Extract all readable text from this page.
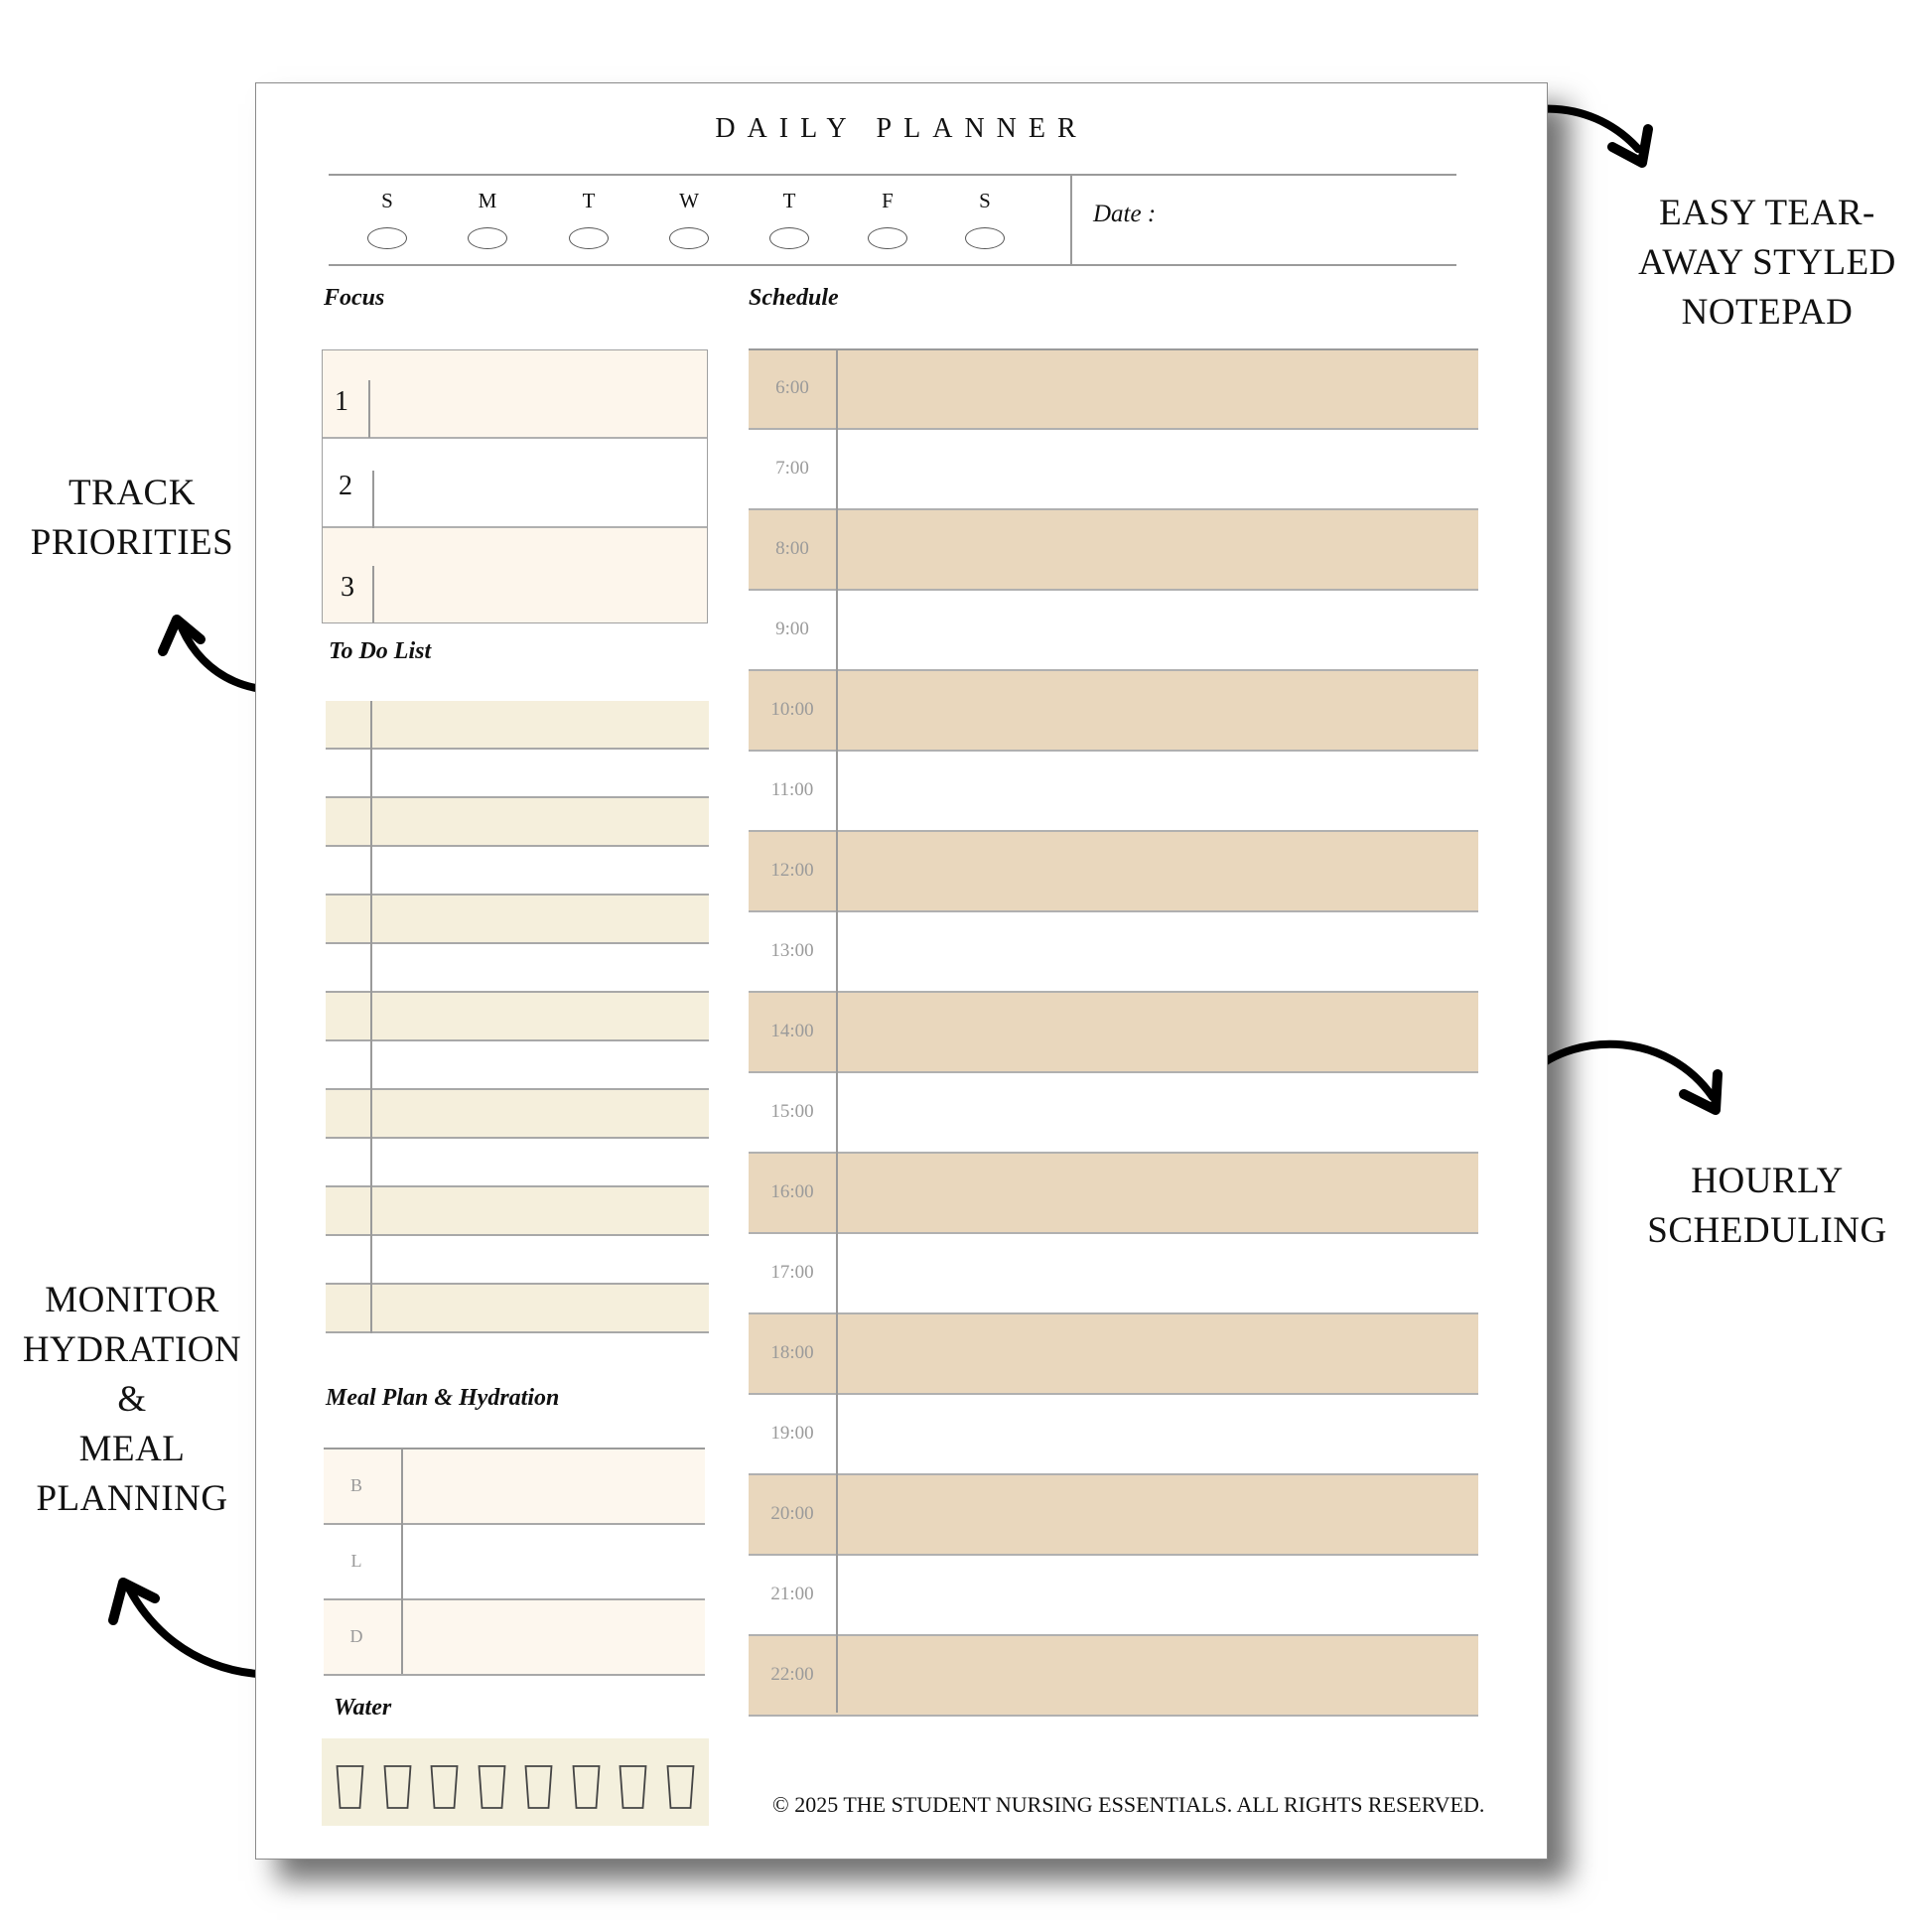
EASY TEAR-
AWAY STYLED
NOTEPAD
TRACK
PRIORITIES
HOURLY
SCHEDULING
MONITOR
HYDRATION
&
MEAL
PLANNING
DAILY PLANNER
S	M	T	W	T	F	S	Date :
Focus
1
2
3
To Do List
Schedule
6:00
7:00
8:00
9:00
10:00
11:00
12:00
13:00
14:00
15:00
16:00
17:00
18:00
19:00
20:00
21:00
22:00
Meal Plan & Hydration
B
L
D
Water
© 2025 THE STUDENT NURSING ESSENTIALS. ALL RIGHTS RESERVED.
